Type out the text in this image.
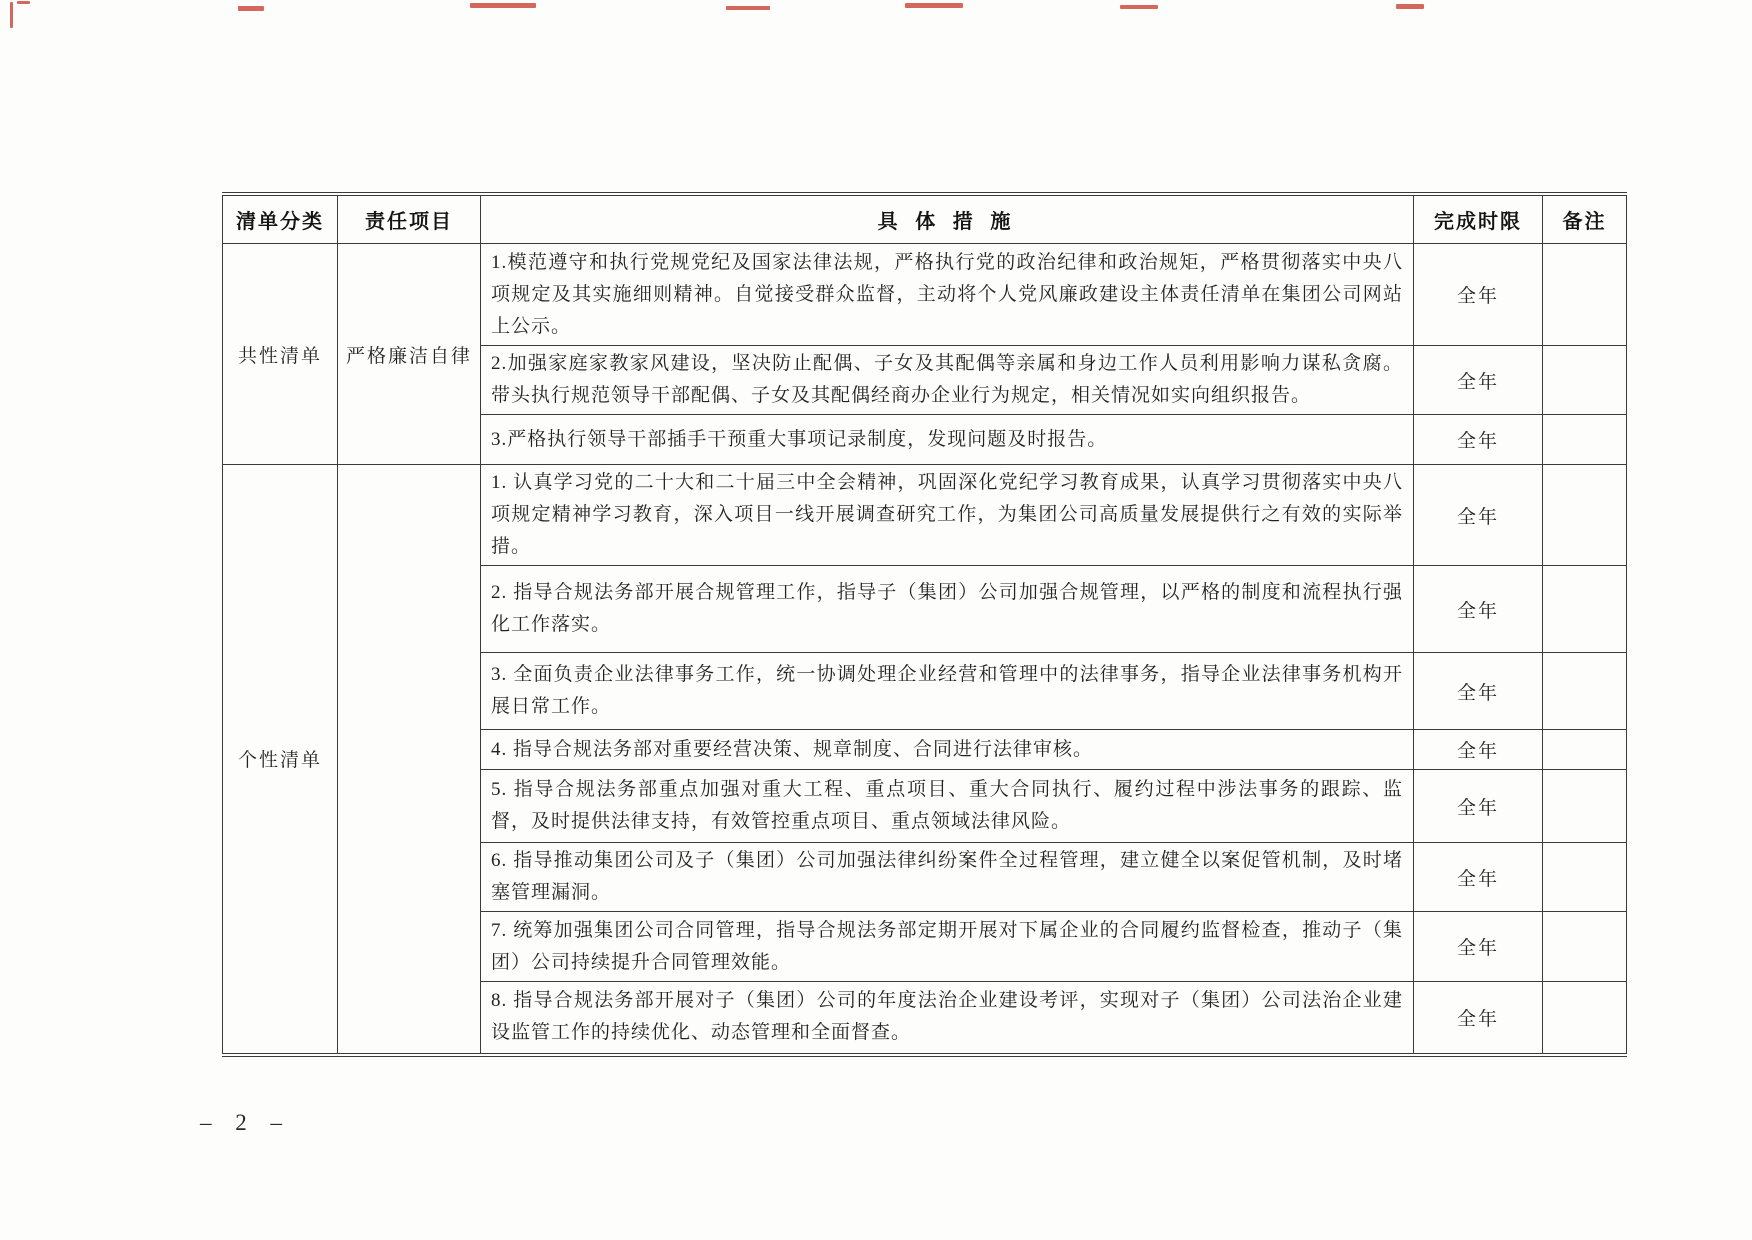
清单分类	责任项目	具 体 措 施	完成时限	备注
共性清单	严格廉洁自律	1.模范遵守和执行党规党纪及国家法律法规，严格执行党的政治纪律和政治规矩，严格贯彻落实中央八项规定及其实施细则精神。自觉接受群众监督，主动将个人党风廉政建设主体责任清单在集团公司网站上公示。	全年	
		2.加强家庭家教家风建设，坚决防止配偶、子女及其配偶等亲属和身边工作人员利用影响力谋私贪腐。带头执行规范领导干部配偶、子女及其配偶经商办企业行为规定，相关情况如实向组织报告。	全年	
		3.严格执行领导干部插手干预重大事项记录制度，发现问题及时报告。	全年	
个性清单		1. 认真学习党的二十大和二十届三中全会精神，巩固深化党纪学习教育成果，认真学习贯彻落实中央八项规定精神学习教育，深入项目一线开展调查研究工作，为集团公司高质量发展提供行之有效的实际举措。	全年	
		2. 指导合规法务部开展合规管理工作，指导子（集团）公司加强合规管理，以严格的制度和流程执行强化工作落实。	全年	
		3. 全面负责企业法律事务工作，统一协调处理企业经营和管理中的法律事务，指导企业法律事务机构开展日常工作。	全年	
		4. 指导合规法务部对重要经营决策、规章制度、合同进行法律审核。	全年	
		5. 指导合规法务部重点加强对重大工程、重点项目、重大合同执行、履约过程中涉法事务的跟踪、监督，及时提供法律支持，有效管控重点项目、重点领域法律风险。	全年	
		6. 指导推动集团公司及子（集团）公司加强法律纠纷案件全过程管理，建立健全以案促管机制，及时堵塞管理漏洞。	全年	
		7. 统筹加强集团公司合同管理，指导合规法务部定期开展对下属企业的合同履约监督检查，推动子（集团）公司持续提升合同管理效能。	全年	
		8. 指导合规法务部开展对子（集团）公司的年度法治企业建设考评，实现对子（集团）公司法治企业建设监管工作的持续优化、动态管理和全面督查。	全年	
– 2 –
